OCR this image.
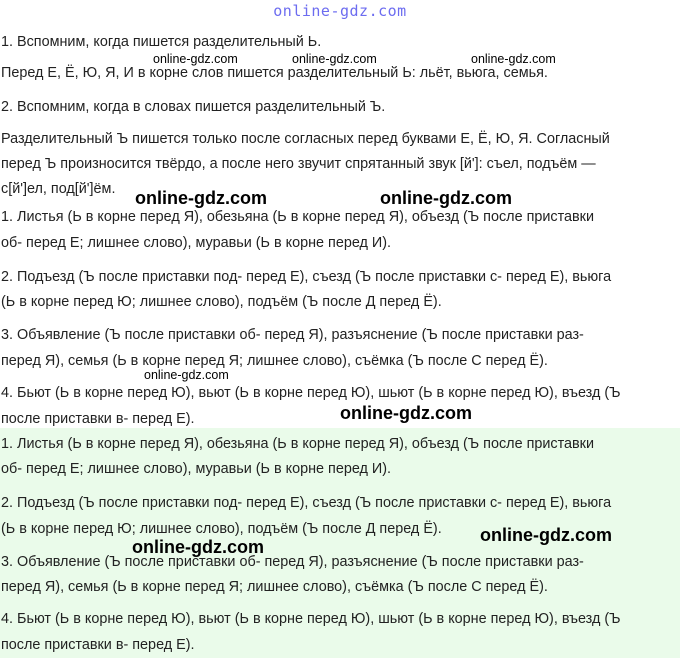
online-gdz.com
1. Вспомним, когда пишется разделительный Ь.
Перед Е, Ё, Ю, Я, И в корне слов пишется разделительный Ь: льёт, вьюга, семья.
2. Вспомним, когда в словах пишется разделительный Ъ.
Разделительный Ъ пишется только после согласных перед буквами Е, Ё, Ю, Я. Согласный
перед Ъ произносится твёрдо, а после него звучит спрятанный звук [й']: съел, подъём —
с[й']ел, под[й']ём.
1. Листья (Ь в корне перед Я), обезьяна (Ь в корне перед Я), объезд (Ъ после приставки
об- перед Е; лишнее слово), муравьи (Ь в корне перед И).
2. Подъезд (Ъ после приставки под- перед Е), съезд (Ъ после приставки с- перед Е), вьюга
(Ь в корне перед Ю; лишнее слово), подъём (Ъ после Д перед Ё).
3. Объявление (Ъ после приставки об- перед Я), разъяснение (Ъ после приставки раз-
перед Я), семья (Ь в корне перед Я; лишнее слово), съёмка (Ъ после С перед Ё).
4. Бьют (Ь в корне перед Ю), вьют (Ь в корне перед Ю), шьют (Ь в корне перед Ю), въезд (Ъ
после приставки в- перед Е).
1. Листья (Ь в корне перед Я), обезьяна (Ь в корне перед Я), объезд (Ъ после приставки
об- перед Е; лишнее слово), муравьи (Ь в корне перед И).
2. Подъезд (Ъ после приставки под- перед Е), съезд (Ъ после приставки с- перед Е), вьюга
(Ь в корне перед Ю; лишнее слово), подъём (Ъ после Д перед Ё).
3. Объявление (Ъ после приставки об- перед Я), разъяснение (Ъ после приставки раз-
перед Я), семья (Ь в корне перед Я; лишнее слово), съёмка (Ъ после С перед Ё).
4. Бьют (Ь в корне перед Ю), вьют (Ь в корне перед Ю), шьют (Ь в корне перед Ю), въезд (Ъ
после приставки в- перед Е).
online-gdz.com	online-gdz.com	online-gdz.com
online-gdz.com	online-gdz.com
online-gdz.com
online-gdz.com
online-gdz.com
online-gdz.com
